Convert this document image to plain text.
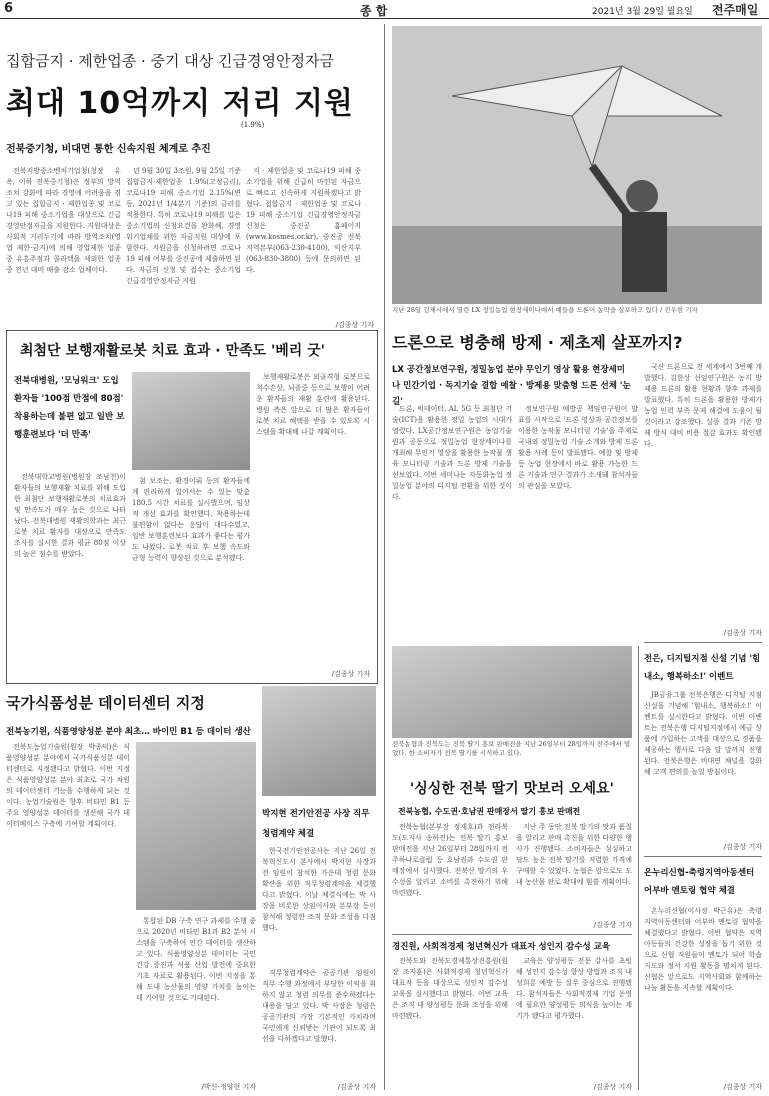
6	종 합	2021년 3월 29일 월요일 전주매일
집합금지 · 제한업종 · 중기 대상 긴급경영안정자금
최대 10억까지 저리 지원
(1.9%)
전북중기청, 비대면 통한 신속지원 체계로 추진

전북지방중소벤처기업청(청장 유옥, 이하 전북중기청)은 정부의 방역조치 강화에 따라 경영에 어려움을 겪고 있는 집합금지 · 제한업종 및 코로나19 피해 중소기업을 대상으로 긴급경영안정자금을 지원한다. 지원대상은 사회적 거리두기에 따라 방역조치(영업 제한·금지)에 의해 영업제한 업종 중 유흥주점과 콜라텍을 제외한 업종 중 전년 대비 매출 감소 업체이다.

년 9월 30일 3조원, 9월 25일 기준 집합금지·제한업종 1.9%(고정금리), 코로나19 피해 중소기업 2.15%(변동, 2021년 1/4분기 기준)의 금리를 적용한다. 특히 코로나19 피해를 입은 중소기업의 신청요건을 완화해, 경영위기업체를 위한 자금지원 대상에 포함한다. 지원금을 신청하려면 코로나19 피해 여부를 중진공에 제출하면 된다. 자금의 신청 및 접수는 중소기업 긴급경영안정자금 지원

지 · 제한업종 및 코로나19 피해 중소기업을 위해 긴급히 마련된 자금으로 빠르고 신속하게 지원하겠다고 밝혔다. 접합금지 · 제한업종 및 코로나19 피해 중소기업 긴급경영안정자금 신청은 중진공 홈페이지(www.kosmes.or.kr), 중진공 전북지역본부(063-230-4100), 익산지부(063-830-3800) 등에 문의하면 된다.

/김종상 기자
지난 28일 김제시에서 열린 LX 정밀농업 현장세미나에서 예들을 드론이 농약을 살포하고 있다 / 진우현 기자
드론으로 병충해 방제 · 제초제 살포까지?
LX 공간정보연구원, 정밀농업 분야 무인기 영상 활용 현장세미나 민간기업 · 독지기술 결합 예찰 · 방제용 맞춤형 드론 선체 '눈길'

드론, 빅데이터, AI, 5G 등 최첨단 기술(ICT)을 활용한 정밀 농업의 시대가 열렸다. LX공간정보연구원은 농업기술원과 공동으로 정밀농업 현장세미나를 개최해 무인기 영상을 활용한 농작물 생육 모니터링 기술과 드론 방제 기술을 선보였다. 이번 세미나는 자동화농업 정밀농업 분야의 디지털 전환을 위한 것이다.

정보연구원 예방공 책임연구원이 발표를 시작으로 '드론 영상과 공간정보를 이용한 농작물 모니터링 기술'을 주제로 국내외 정밀농업 기술 소개와 방제 드론 활용 사례 등이 발표됐다. 예찰 및 방제 등 농업 현장에서 바로 활용 가능한 드론 기술과 연구 결과가 소개돼 참석자들의 관심을 모았다.

국산 드론으로 전 세계에서 3번째 개발했다. 김한상 선임연구원은 농지 방제용 드론의 활용 현황과 향후 과제를 발표했다. 특히 드론을 활용한 방제가 농업 인력 부족 문제 해결에 도움이 될 것이라고 강조했다. 실증 결과 기존 방제 방식 대비 비용 절감 효과도 확인됐다.

/김종상 기자
최첨단 보행재활로봇 치료 효과 · 만족도 '베리 굿'
전북대병원, '모닝워크' 도입 환자들 '100점 만점에 80점' 착용하는데 불편 없고 일반 보행훈련보다 '더 만족'

전북대학교병원(병원장 조남천)이 환자들의 보행재활 치료를 위해 도입한 최첨단 보행재활로봇의 치료효과 및 만족도가 매우 높은 것으로 나타났다. 전북대병원 재활의학과는 최근 로봇 치료 환자를 대상으로 만족도 조사를 실시한 결과 평균 80점 이상의 높은 점수를 받았다.

첨 보조는, 환경이뤄 등의 환자들에게 편리하게 일어서는 수 있는 맞춤 180.5 시간 치료를 실시했으며, 임상적 개선 효과를 확인했다. 착용하는데 불편함이 없다는 응답이 대다수였고, 일반 보행훈련보다 효과가 좋다는 평가도 나왔다. 로봇 치료 후 보행 속도와 균형 능력이 향상된 것으로 분석됐다.

보행재활로봇은 외골격형 로봇으로 척수손상, 뇌졸중 등으로 보행이 어려운 환자들의 재활 훈련에 활용된다. 병원 측은 앞으로 더 많은 환자들이 로봇 치료 혜택을 받을 수 있도록 시스템을 확대해 나갈 계획이다.

/김종상 기자
전북농협과 전북도는 전북 딸기 홍보 판매전을 지난 26일부터 28일까지 전주에서 열었다. 한 소비자가 전북 딸기를 시식하고 있다.
국가식품성분 데이터센터 지정
전북농기원, 식품영양성분 분야 최초… 바이민 B1 등 데이터 생산

전북도농업기술원(원장 박종덕)은 식품영양성분 분야에서 국가식품성분 데이터센터로 지정됐다고 밝혔다. 이번 지정은 식품영양성분 분야 최초로 국가 차원의 데이터센터 기능을 수행하게 되는 것이다. 농업기술원은 향후 비타민 B1 등 주요 영양성분 데이터를 생산해 국가 데이터베이스 구축에 기여할 계획이다.

통합된 DB 구축 연구 과제를 수행 중으로 2020년 비타민 B1과 B2 분석 시스템을 구축하여 연간 데이터를 생산하고 있다. 식품영양성분 데이터는 국민 건강 증진과 식품 산업 발전에 중요한 기초 자료로 활용된다. 이번 지정을 통해 도내 농산물의 영양 가치를 높이는 데 기여할 것으로 기대된다.

/박신-정양현 기자
박지현 전기안전공 사장 직무청렴계약 체결

한국전기안전공사는 지난 26일 전북혁신도시 본사에서 박지현 사장과 전 임원이 참석한 가운데 청렴 문화 확산을 위한 직무청렴계약을 체결했다고 밝혔다. 이날 체결식에는 박 사장을 비롯한 상임이사와 본부장 등이 참석해 청렴한 조직 문화 조성을 다짐했다.

직무청렴계약은 공공기관 임원이 직무 수행 과정에서 부당한 이익을 취하지 않고 청렴 의무를 준수하겠다는 내용을 담고 있다. 박 사장은 청렴은 공공기관의 가장 기본적인 가치라며 국민에게 신뢰받는 기관이 되도록 최선을 다하겠다고 말했다.

/김종상 기자
'싱싱한 전북 딸기 맛보러 오세요'
전북농협, 수도권·호남권 판매장서 딸기 홍보 판매전

전북농협(본부장 정재호)과 전라북도(도지사 송하진)는 전북 딸기 홍보 판매전을 지난 26일부터 28일까지 전주하나로클럽 등 호남권과 수도권 판매장에서 실시했다. 전북산 딸기의 우수성을 알리고 소비를 촉진하기 위해 마련됐다.

지난 주 동안 전북 딸기의 맛과 품질을 알리고 판매 촉진을 위한 다양한 행사가 진행됐다. 소비자들은 싱싱하고 당도 높은 전북 딸기를 저렴한 가격에 구매할 수 있었다. 농협은 앞으로도 도내 농산물 판로 확대에 힘쓸 계획이다.

/김종상 기자
경진원, 사회적경제 청년혁신가 대표자 성인지 감수성 교육

전북도와 전북도경제통상진흥원(원장 조지훈)은 사회적경제 청년혁신가 대표자 등을 대상으로 성인지 감수성 교육을 실시했다고 밝혔다. 이번 교육은 조직 내 양성평등 문화 조성을 위해 마련됐다.

교육은 양성평등 전문 강사를 초빙해 성인지 감수성 향상 방법과 조직 내 성희롱 예방 등 실무 중심으로 진행됐다. 참석자들은 사회적경제 기업 운영에 필요한 양성평등 의식을 높이는 계기가 됐다고 평가했다.

/김종상 기자
전은, 디지털지점 신설 기념 '힘내소, 행복하소!' 이벤트

JB금융그룹 전북은행은 디지털 지점 신설을 기념해 '힘내소, 행복하소!' 이벤트를 실시한다고 밝혔다. 이번 이벤트는 전북은행 디지털지점에서 예금 상품에 가입하는 고객을 대상으로 경품을 제공하는 행사로 다음 달 말까지 진행된다. 전북은행은 비대면 채널을 강화해 고객 편의를 높일 방침이다.

/김종상 기자
온누리신협-축령지역아동센터 어부바 멘토링 협약 체결

온누리신협(이사장 박근유)은 축령지역아동센터와 어부바 멘토링 협약을 체결했다고 밝혔다. 이번 협약은 지역 아동들의 건강한 성장을 돕기 위한 것으로 신협 직원들이 멘토가 되어 학습 지도와 정서 지원 활동을 펼치게 된다. 신협은 앞으로도 지역사회와 함께하는 나눔 활동을 지속할 계획이다.

/김종상 기자
